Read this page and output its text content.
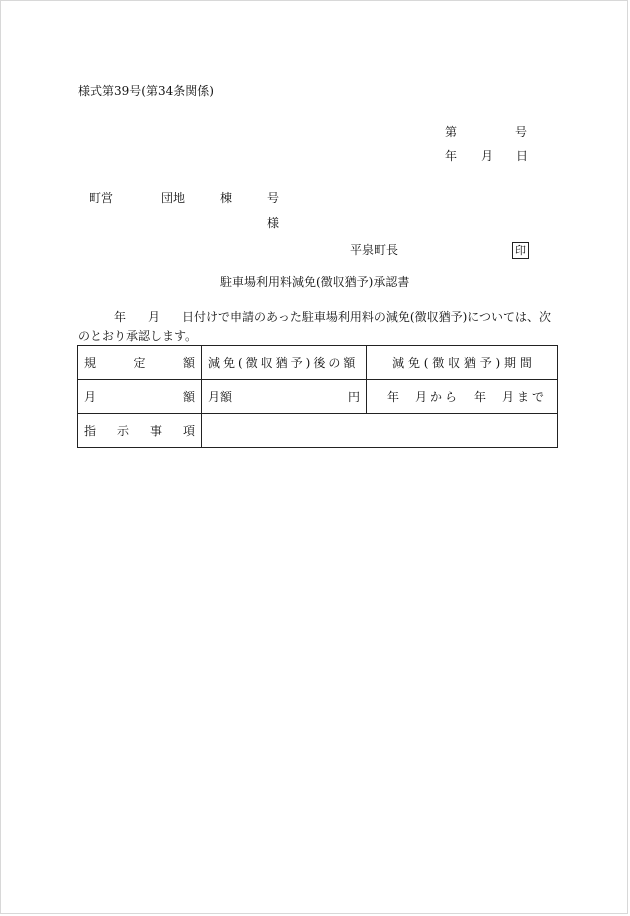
様式第39号(第34条関係)
第	号
年 月 日
町営	団地	棟	号
様
平泉町長	印
駐車場利用料減免(徴収猶予)承認書
年 月 日付けで申請のあった駐車場利用料の減免(徴収猶予)については、次
のとおり承認します。
規 定 額	減免(徴収猶予)後の額	減 免 ( 徴 収 猶 予 ) 期 間

月 額	月額 円	年 月から 年 月まで

指 示 事 項		
